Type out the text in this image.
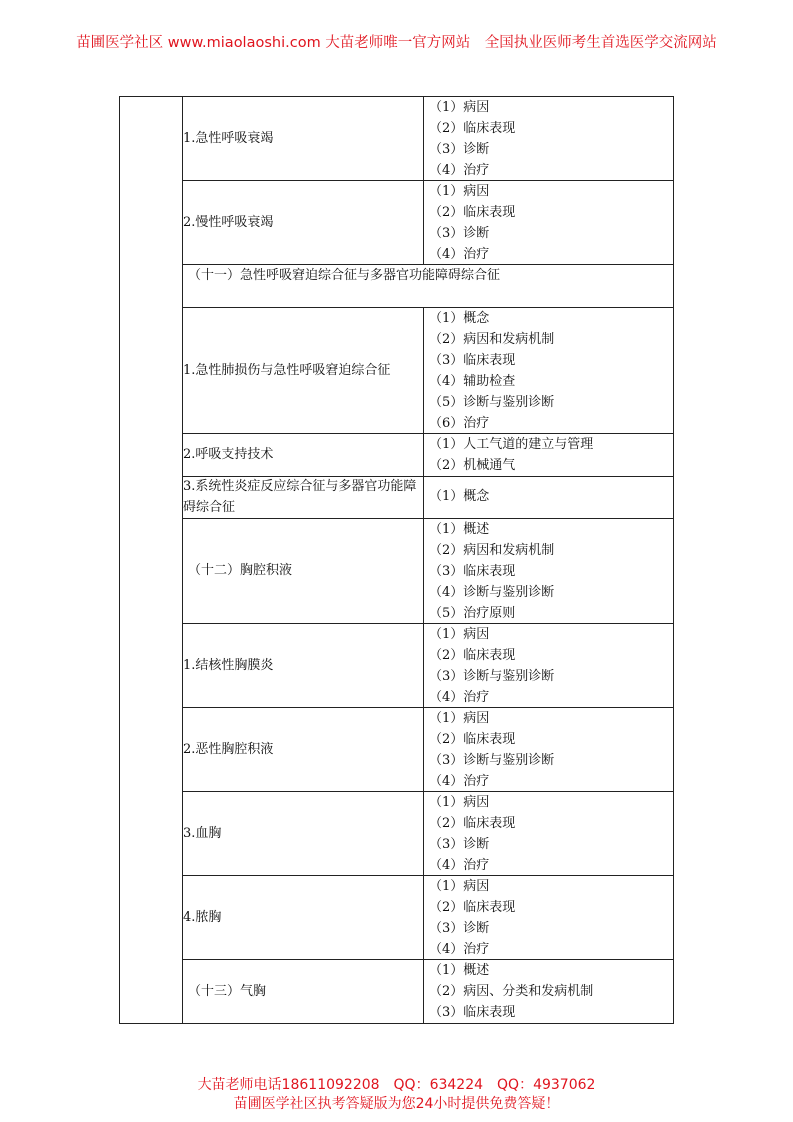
苗圃医学社区 www.miaolaoshi.com 大苗老师唯一官方网站　全国执业医师考生首选医学交流网站
1.急性呼吸衰竭
（1）病因
（2）临床表现
（3）诊断
（4）治疗
2.慢性呼吸衰竭
（1）病因
（2）临床表现
（3）诊断
（4）治疗
（十一）急性呼吸窘迫综合征与多器官功能障碍综合征
1.急性肺损伤与急性呼吸窘迫综合征
（1）概念
（2）病因和发病机制
（3）临床表现
（4）辅助检查
（5）诊断与鉴别诊断
（6）治疗
2.呼吸支持技术
（1）人工气道的建立与管理
（2）机械通气
3.系统性炎症反应综合征与多器官功能障碍综合征
（1）概念
（十二）胸腔积液
（1）概述
（2）病因和发病机制
（3）临床表现
（4）诊断与鉴别诊断
（5）治疗原则
1.结核性胸膜炎
（1）病因
（2）临床表现
（3）诊断与鉴别诊断
（4）治疗
2.恶性胸腔积液
（1）病因
（2）临床表现
（3）诊断与鉴别诊断
（4）治疗
3.血胸
（1）病因
（2）临床表现
（3）诊断
（4）治疗
4.脓胸
（1）病因
（2）临床表现
（3）诊断
（4）治疗
（十三）气胸
（1）概述
（2）病因、分类和发病机制
（3）临床表现
大苗老师电话18611092208　QQ：634224　QQ：4937062
苗圃医学社区执考答疑版为您24小时提供免费答疑！
